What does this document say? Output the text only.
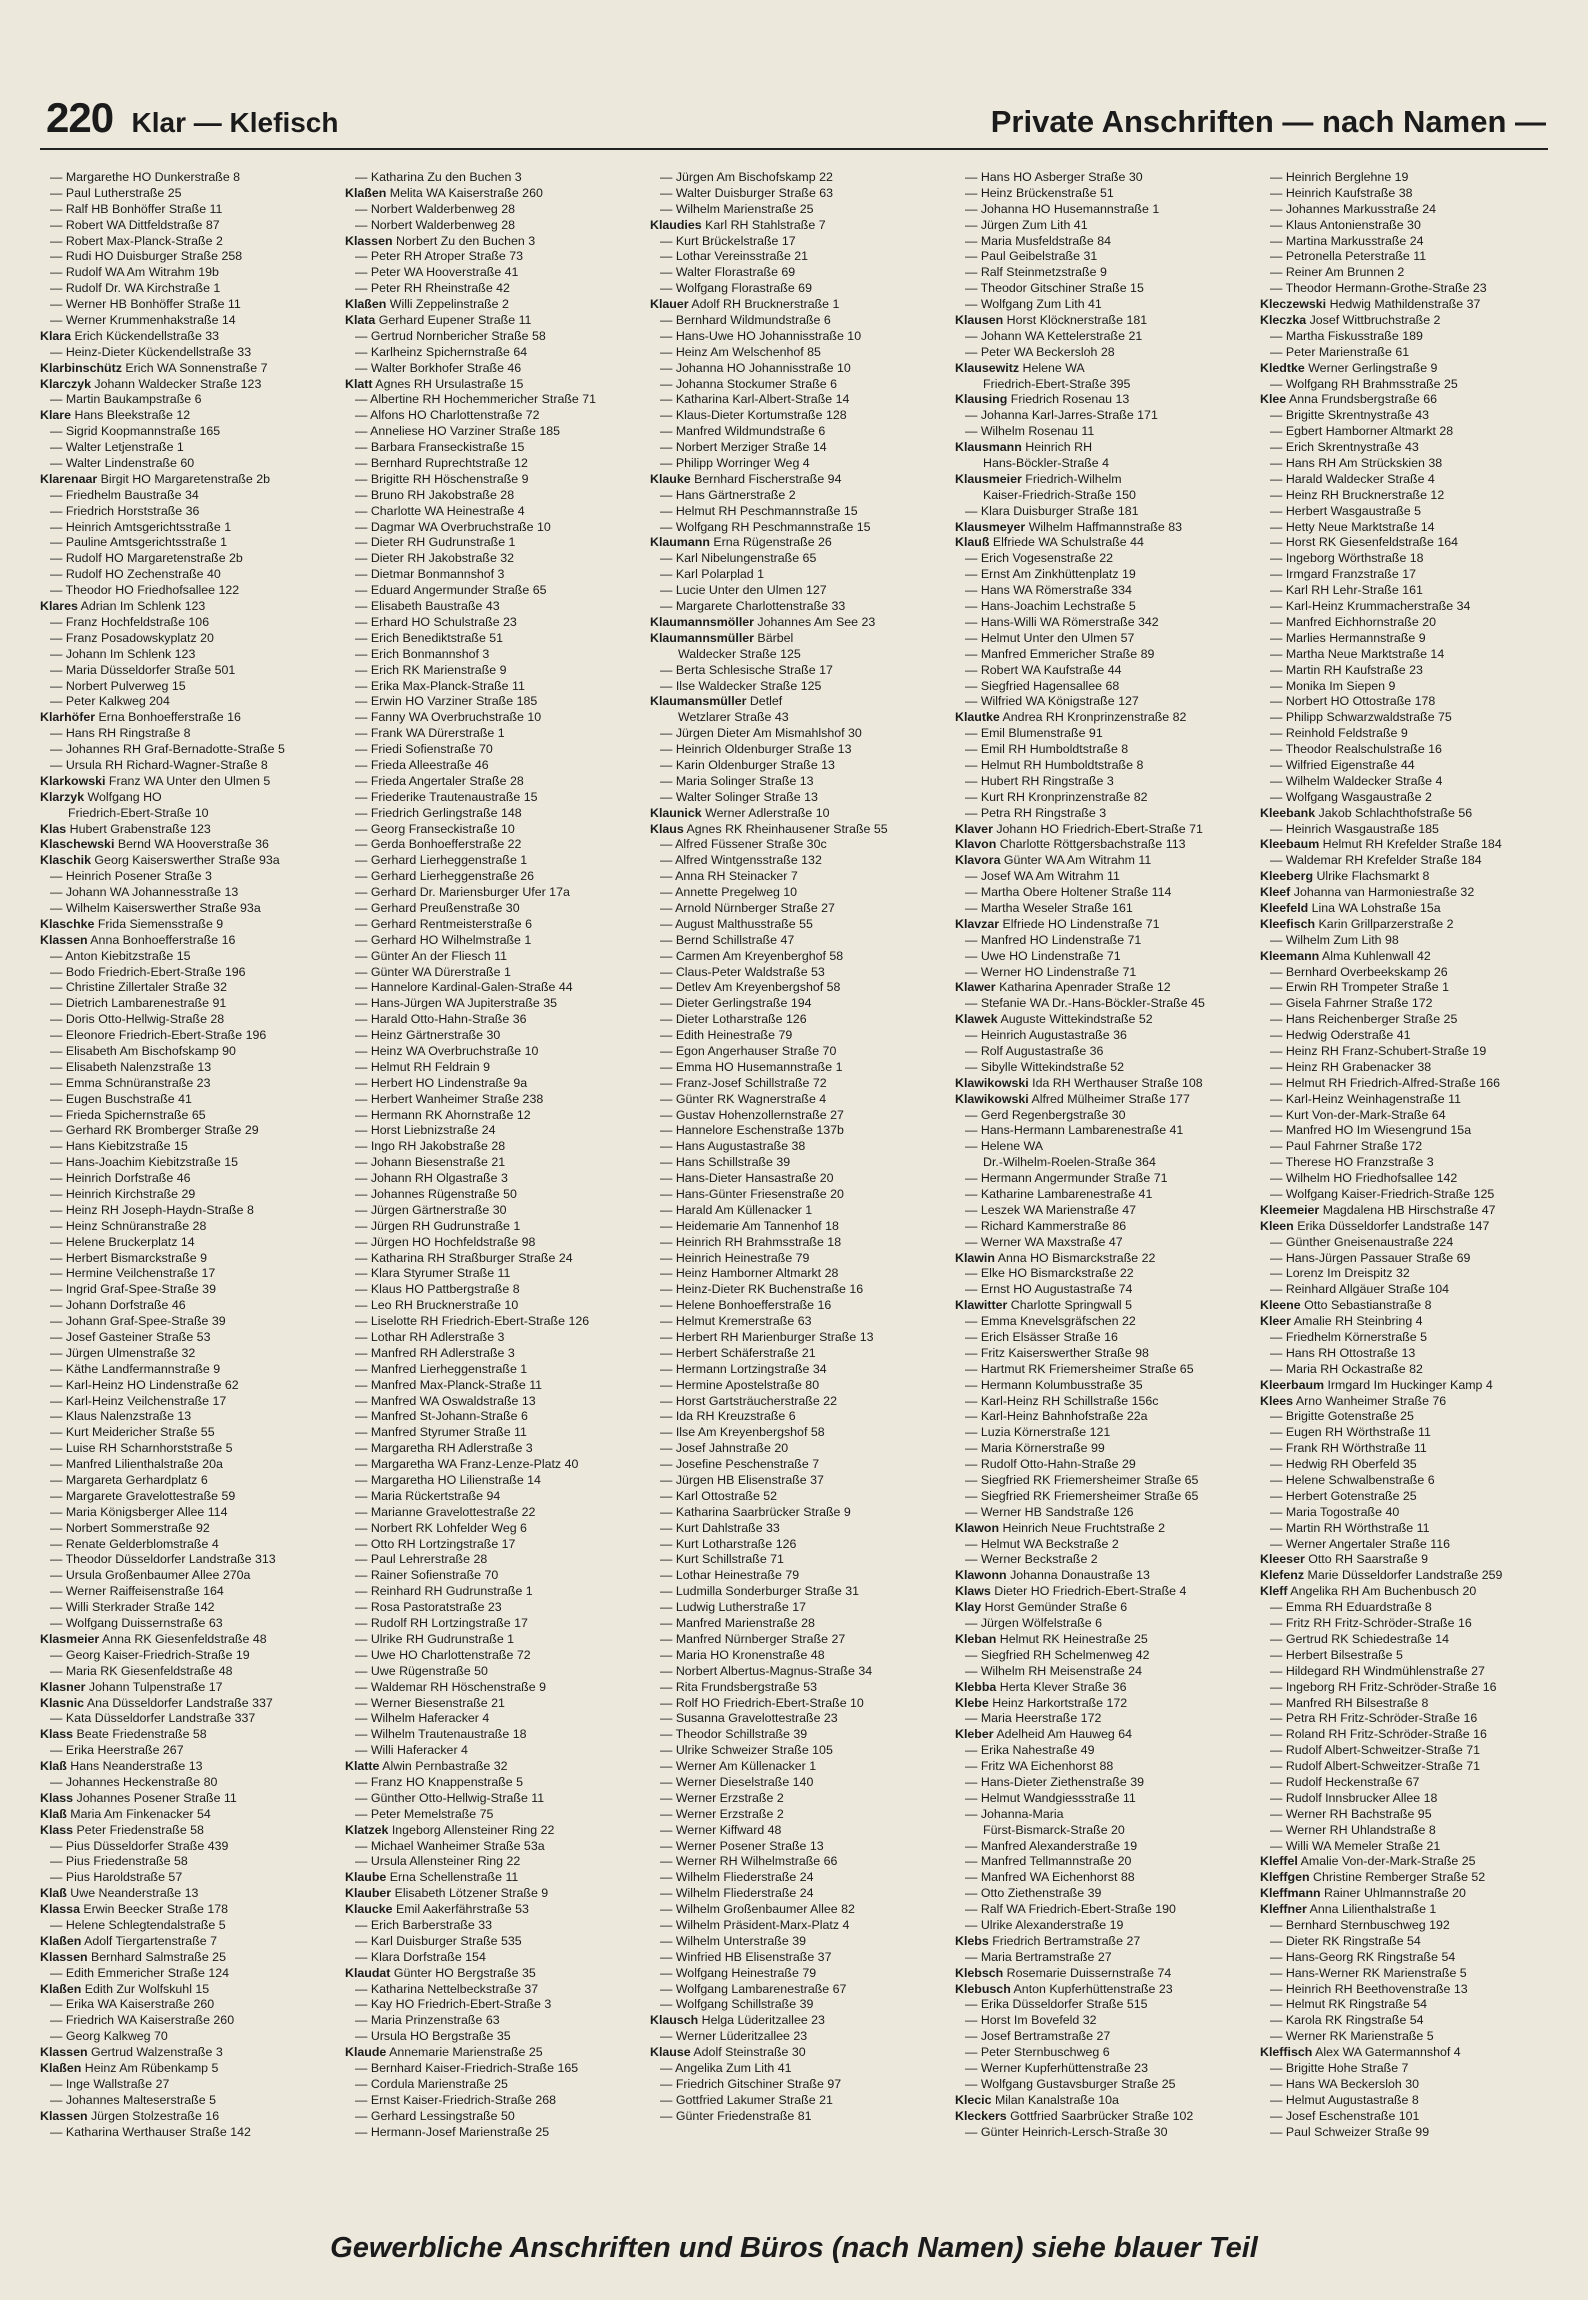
220 Klar — Klefisch	Private Anschriften — nach Namen —
— Margarethe HO Dunkerstraße 8
— Paul Lutherstraße 25
— Ralf HB Bonhöffer Straße 11
— Robert WA Dittfeldstraße 87
— Robert Max-Planck-Straße 2
— Rudi HO Duisburger Straße 258
— Rudolf WA Am Witrahm 19b
— Rudolf Dr. WA Kirchstraße 1
— Werner HB Bonhöffer Straße 11
— Werner Krummenhakstraße 14
Klara Erich Kückendellstraße 33
— Heinz-Dieter Kückendellstraße 33
Klarbinschütz Erich WA Sonnenstraße 7
Klarczyk Johann Waldecker Straße 123
— Martin Baukampstraße 6
Klare Hans Bleekstraße 12
— Sigrid Koopmannstraße 165
— Walter Letjenstraße 1
— Walter Lindenstraße 60
Klarenaar Birgit HO Margaretenstraße 2b
— Friedhelm Baustraße 34
— Friedrich Horststraße 36
— Heinrich Amtsgerichtsstraße 1
— Pauline Amtsgerichtsstraße 1
— Rudolf HO Margaretenstraße 2b
— Rudolf HO Zechenstraße 40
— Theodor HO Friedhofsallee 122
Klares Adrian Im Schlenk 123
— Franz Hochfeldstraße 106
— Franz Posadowskyplatz 20
— Johann Im Schlenk 123
— Maria Düsseldorfer Straße 501
— Norbert Pulverweg 15
— Peter Kalkweg 204
Klarhöfer Erna Bonhoefferstraße 16
— Hans RH Ringstraße 8
— Johannes RH Graf-Bernadotte-Straße 5
— Ursula RH Richard-Wagner-Straße 8
Klarkowski Franz WA Unter den Ulmen 5
Klarzyk Wolfgang HO
Friedrich-Ebert-Straße 10
Klas Hubert Grabenstraße 123
Klaschewski Bernd WA Hooverstraße 36
Klaschik Georg Kaiserswerther Straße 93a
— Heinrich Posener Straße 3
— Johann WA Johannesstraße 13
— Wilhelm Kaiserswerther Straße 93a
Klaschke Frida Siemensstraße 9
Klassen Anna Bonhoefferstraße 16
— Anton Kiebitzstraße 15
— Bodo Friedrich-Ebert-Straße 196
— Christine Zillertaler Straße 32
— Dietrich Lambarenestraße 91
— Doris Otto-Hellwig-Straße 28
— Eleonore Friedrich-Ebert-Straße 196
— Elisabeth Am Bischofskamp 90
— Elisabeth Nalenzstraße 13
— Emma Schnüranstraße 23
— Eugen Buschstraße 41
— Frieda Spichernstraße 65
— Gerhard RK Bromberger Straße 29
— Hans Kiebitzstraße 15
— Hans-Joachim Kiebitzstraße 15
— Heinrich Dorfstraße 46
— Heinrich Kirchstraße 29
— Heinz RH Joseph-Haydn-Straße 8
— Heinz Schnüranstraße 28
— Helene Bruckerplatz 14
— Herbert Bismarckstraße 9
— Hermine Veilchenstraße 17
— Ingrid Graf-Spee-Straße 39
— Johann Dorfstraße 46
— Johann Graf-Spee-Straße 39
— Josef Gasteiner Straße 53
— Jürgen Ulmenstraße 32
— Käthe Landfermannstraße 9
— Karl-Heinz HO Lindenstraße 62
— Karl-Heinz Veilchenstraße 17
— Klaus Nalenzstraße 13
— Kurt Meidericher Straße 55
— Luise RH Scharnhorststraße 5
— Manfred Lilienthalstraße 20a
— Margareta Gerhardplatz 6
— Margarete Gravelottestraße 59
— Maria Königsberger Allee 114
— Norbert Sommerstraße 92
— Renate Gelderblomstraße 4
— Theodor Düsseldorfer Landstraße 313
— Ursula Großenbaumer Allee 270a
— Werner Raiffeisenstraße 164
— Willi Sterkrader Straße 142
— Wolfgang Duissernstraße 63
Klasmeier Anna RK Giesenfeldstraße 48
— Georg Kaiser-Friedrich-Straße 19
— Maria RK Giesenfeldstraße 48
Klasner Johann Tulpenstraße 17
Klasnic Ana Düsseldorfer Landstraße 337
— Kata Düsseldorfer Landstraße 337
Klass Beate Friedenstraße 58
— Erika Heerstraße 267
Klaß Hans Neanderstraße 13
— Johannes Heckenstraße 80
Klass Johannes Posener Straße 11
Klaß Maria Am Finkenacker 54
Klass Peter Friedenstraße 58
— Pius Düsseldorfer Straße 439
— Pius Friedenstraße 58
— Pius Haroldstraße 57
Klaß Uwe Neanderstraße 13
Klassa Erwin Beecker Straße 178
— Helene Schlegtendalstraße 5
Klaßen Adolf Tiergartenstraße 7
Klassen Bernhard Salmstraße 25
— Edith Emmericher Straße 124
Klaßen Edith Zur Wolfskuhl 15
— Erika WA Kaiserstraße 260
— Friedrich WA Kaiserstraße 260
— Georg Kalkweg 70
Klassen Gertrud Walzenstraße 3
Klaßen Heinz Am Rübenkamp 5
— Inge Wallstraße 27
— Johannes Malteserstraße 5
Klassen Jürgen Stolzestraße 16
— Katharina Werthauser Straße 142
— Katharina Zu den Buchen 3
Klaßen Melita WA Kaiserstraße 260
— Norbert Walderbenweg 28
— Norbert Walderbenweg 28
Klassen Norbert Zu den Buchen 3
— Peter RH Atroper Straße 73
— Peter WA Hooverstraße 41
— Peter RH Rheinstraße 42
Klaßen Willi Zeppelinstraße 2
Klata Gerhard Eupener Straße 11
— Gertrud Nornbericher Straße 58
— Karlheinz Spichernstraße 64
— Walter Borkhofer Straße 46
Klatt Agnes RH Ursulastraße 15
— Albertine RH Hochemmericher Straße 71
— Alfons HO Charlottenstraße 72
— Anneliese HO Varziner Straße 185
— Barbara Franseckistraße 15
— Bernhard Ruprechtstraße 12
— Brigitte RH Höschenstraße 9
— Bruno RH Jakobstraße 28
— Charlotte WA Heinestraße 4
— Dagmar WA Overbruchstraße 10
— Dieter RH Gudrunstraße 1
— Dieter RH Jakobstraße 32
— Dietmar Bonmannshof 3
— Eduard Angermunder Straße 65
— Elisabeth Baustraße 43
— Erhard HO Schulstraße 23
— Erich Benediktstraße 51
— Erich Bonmannshof 3
— Erich RK Marienstraße 9
— Erika Max-Planck-Straße 11
— Erwin HO Varziner Straße 185
— Fanny WA Overbruchstraße 10
— Frank WA Dürerstraße 1
— Friedi Sofienstraße 70
— Frieda Alleestraße 46
— Frieda Angertaler Straße 28
— Friederike Trautenaustraße 15
— Friedrich Gerlingstraße 148
— Georg Franseckistraße 10
— Gerda Bonhoefferstraße 22
— Gerhard Lierheggenstraße 1
— Gerhard Lierheggenstraße 26
— Gerhard Dr. Mariensburger Ufer 17a
— Gerhard Preußenstraße 30
— Gerhard Rentmeisterstraße 6
— Gerhard HO Wilhelmstraße 1
— Günter An der Fliesch 11
— Günter WA Dürerstraße 1
— Hannelore Kardinal-Galen-Straße 44
— Hans-Jürgen WA Jupiterstraße 35
— Harald Otto-Hahn-Straße 36
— Heinz Gärtnerstraße 30
— Heinz WA Overbruchstraße 10
— Helmut RH Feldrain 9
— Herbert HO Lindenstraße 9a
— Herbert Wanheimer Straße 238
— Hermann RK Ahornstraße 12
— Horst Liebnizstraße 24
— Ingo RH Jakobstraße 28
— Johann Biesenstraße 21
— Johann RH Olgastraße 3
— Johannes Rügenstraße 50
— Jürgen Gärtnerstraße 30
— Jürgen RH Gudrunstraße 1
— Jürgen HO Hochfeldstraße 98
— Katharina RH Straßburger Straße 24
— Klara Styrumer Straße 11
— Klaus HO Pattbergstraße 8
— Leo RH Brucknerstraße 10
— Liselotte RH Friedrich-Ebert-Straße 126
— Lothar RH Adlerstraße 3
— Manfred RH Adlerstraße 3
— Manfred Lierheggenstraße 1
— Manfred Max-Planck-Straße 11
— Manfred WA Oswaldstraße 13
— Manfred St-Johann-Straße 6
— Manfred Styrumer Straße 11
— Margaretha RH Adlerstraße 3
— Margaretha WA Franz-Lenze-Platz 40
— Margaretha HO Lilienstraße 14
— Maria Rückertstraße 94
— Marianne Gravelottestraße 22
— Norbert RK Lohfelder Weg 6
— Otto RH Lortzingstraße 17
— Paul Lehrerstraße 28
— Rainer Sofienstraße 70
— Reinhard RH Gudrunstraße 1
— Rosa Pastoratstraße 23
— Rudolf RH Lortzingstraße 17
— Ulrike RH Gudrunstraße 1
— Uwe HO Charlottenstraße 72
— Uwe Rügenstraße 50
— Waldemar RH Höschenstraße 9
— Werner Biesenstraße 21
— Wilhelm Haferacker 4
— Wilhelm Trautenaustraße 18
— Willi Haferacker 4
Klatte Alwin Pernbastraße 32
— Franz HO Knappenstraße 5
— Günther Otto-Hellwig-Straße 11
— Peter Memelstraße 75
Klatzek Ingeborg Allensteiner Ring 22
— Michael Wanheimer Straße 53a
— Ursula Allensteiner Ring 22
Klaube Erna Schellenstraße 11
Klauber Elisabeth Lötzener Straße 9
Klaucke Emil Aakerfährstraße 53
— Erich Barberstraße 33
— Karl Duisburger Straße 535
— Klara Dorfstraße 154
Klaudat Günter HO Bergstraße 35
— Katharina Nettelbeckstraße 37
— Kay HO Friedrich-Ebert-Straße 3
— Maria Prinzenstraße 63
— Ursula HO Bergstraße 35
Klaude Annemarie Marienstraße 25
— Bernhard Kaiser-Friedrich-Straße 165
— Cordula Marienstraße 25
— Ernst Kaiser-Friedrich-Straße 268
— Gerhard Lessingstraße 50
— Hermann-Josef Marienstraße 25
— Jürgen Am Bischofskamp 22
— Walter Duisburger Straße 63
— Wilhelm Marienstraße 25
Klaudies Karl RH Stahlstraße 7
— Kurt Brückelstraße 17
— Lothar Vereinsstraße 21
— Walter Florastraße 69
— Wolfgang Florastraße 69
Klauer Adolf RH Brucknerstraße 1
— Bernhard Wildmundstraße 6
— Hans-Uwe HO Johannisstraße 10
— Heinz Am Welschenhof 85
— Johanna HO Johannisstraße 10
— Johanna Stockumer Straße 6
— Katharina Karl-Albert-Straße 14
— Klaus-Dieter Kortumstraße 128
— Manfred Wildmundstraße 6
— Norbert Merziger Straße 14
— Philipp Worringer Weg 4
Klauke Bernhard Fischerstraße 94
— Hans Gärtnerstraße 2
— Helmut RH Peschmannstraße 15
— Wolfgang RH Peschmannstraße 15
Klaumann Erna Rügenstraße 26
— Karl Nibelungenstraße 65
— Karl Polarplad 1
— Lucie Unter den Ulmen 127
— Margarete Charlottenstraße 33
Klaumannsmöller Johannes Am See 23
Klaumannsmüller Bärbel
Waldecker Straße 125
— Berta Schlesische Straße 17
— Ilse Waldecker Straße 125
Klaumansmüller Detlef
Wetzlarer Straße 43
— Jürgen Dieter Am Mismahlshof 30
— Heinrich Oldenburger Straße 13
— Karin Oldenburger Straße 13
— Maria Solinger Straße 13
— Walter Solinger Straße 13
Klaunick Werner Adlerstraße 10
Klaus Agnes RK Rheinhausener Straße 55
— Alfred Füssener Straße 30c
— Alfred Wintgensstraße 132
— Anna RH Steinacker 7
— Annette Pregelweg 10
— Arnold Nürnberger Straße 27
— August Malthusstraße 55
— Bernd Schillstraße 47
— Carmen Am Kreyenberghof 58
— Claus-Peter Waldstraße 53
— Detlev Am Kreyenbergshof 58
— Dieter Gerlingstraße 194
— Dieter Lotharstraße 126
— Edith Heinestraße 79
— Egon Angerhauser Straße 70
— Emma HO Husemannstraße 1
— Franz-Josef Schillstraße 72
— Günter RK Wagnerstraße 4
— Gustav Hohenzollernstraße 27
— Hannelore Eschenstraße 137b
— Hans Augustastraße 38
— Hans Schillstraße 39
— Hans-Dieter Hansastraße 20
— Hans-Günter Friesenstraße 20
— Harald Am Küllenacker 1
— Heidemarie Am Tannenhof 18
— Heinrich RH Brahmsstraße 18
— Heinrich Heinestraße 79
— Heinz Hamborner Altmarkt 28
— Heinz-Dieter RK Buchenstraße 16
— Helene Bonhoefferstraße 16
— Helmut Kremerstraße 63
— Herbert RH Marienburger Straße 13
— Herbert Schäferstraße 21
— Hermann Lortzingstraße 34
— Hermine Apostelstraße 80
— Horst Gartsträucherstraße 22
— Ida RH Kreuzstraße 6
— Ilse Am Kreyenbergshof 58
— Josef Jahnstraße 20
— Josefine Peschenstraße 7
— Jürgen HB Elisenstraße 37
— Karl Ottostraße 52
— Katharina Saarbrücker Straße 9
— Kurt Dahlstraße 33
— Kurt Lotharstraße 126
— Kurt Schillstraße 71
— Lothar Heinestraße 79
— Ludmilla Sonderburger Straße 31
— Ludwig Lutherstraße 17
— Manfred Marienstraße 28
— Manfred Nürnberger Straße 27
— Maria HO Kronenstraße 48
— Norbert Albertus-Magnus-Straße 34
— Rita Frundsbergstraße 53
— Rolf HO Friedrich-Ebert-Straße 10
— Susanna Gravelottestraße 23
— Theodor Schillstraße 39
— Ulrike Schweizer Straße 105
— Werner Am Küllenacker 1
— Werner Dieselstraße 140
— Werner Erzstraße 2
— Werner Erzstraße 2
— Werner Kiffward 48
— Werner Posener Straße 13
— Werner RH Wilhelmstraße 66
— Wilhelm Fliederstraße 24
— Wilhelm Fliederstraße 24
— Wilhelm Großenbaumer Allee 82
— Wilhelm Präsident-Marx-Platz 4
— Wilhelm Unterstraße 39
— Winfried HB Elisenstraße 37
— Wolfgang Heinestraße 79
— Wolfgang Lambarenestraße 67
— Wolfgang Schillstraße 39
Klausch Helga Lüderitzallee 23
— Werner Lüderitzallee 23
Klause Adolf Steinstraße 30
— Angelika Zum Lith 41
— Friedrich Gitschiner Straße 97
— Gottfried Lakumer Straße 21
— Günter Friedenstraße 81
— Hans HO Asberger Straße 30
— Heinz Brückenstraße 51
— Johanna HO Husemannstraße 1
— Jürgen Zum Lith 41
— Maria Musfeldstraße 84
— Paul Geibelstraße 31
— Ralf Steinmetzstraße 9
— Theodor Gitschiner Straße 15
— Wolfgang Zum Lith 41
Klausen Horst Klöcknerstraße 181
— Johann WA Kettelerstraße 21
— Peter WA Beckersloh 28
Klausewitz Helene WA
Friedrich-Ebert-Straße 395
Klausing Friedrich Rosenau 13
— Johanna Karl-Jarres-Straße 171
— Wilhelm Rosenau 11
Klausmann Heinrich RH
Hans-Böckler-Straße 4
Klausmeier Friedrich-Wilhelm
Kaiser-Friedrich-Straße 150
— Klara Duisburger Straße 181
Klausmeyer Wilhelm Haffmannstraße 83
Klauß Elfriede WA Schulstraße 44
— Erich Vogesenstraße 22
— Ernst Am Zinkhüttenplatz 19
— Hans WA Römerstraße 334
— Hans-Joachim Lechstraße 5
— Hans-Willi WA Römerstraße 342
— Helmut Unter den Ulmen 57
— Manfred Emmericher Straße 89
— Robert WA Kaufstraße 44
— Siegfried Hagensallee 68
— Wilfried WA Königstraße 127
Klautke Andrea RH Kronprinzenstraße 82
— Emil Blumenstraße 91
— Emil RH Humboldtstraße 8
— Helmut RH Humboldtstraße 8
— Hubert RH Ringstraße 3
— Kurt RH Kronprinzenstraße 82
— Petra RH Ringstraße 3
Klaver Johann HO Friedrich-Ebert-Straße 71
Klavon Charlotte Röttgersbachstraße 113
Klavora Günter WA Am Witrahm 11
— Josef WA Am Witrahm 11
— Martha Obere Holtener Straße 114
— Martha Weseler Straße 161
Klavzar Elfriede HO Lindenstraße 71
— Manfred HO Lindenstraße 71
— Uwe HO Lindenstraße 71
— Werner HO Lindenstraße 71
Klawer Katharina Apenrader Straße 12
— Stefanie WA Dr.-Hans-Böckler-Straße 45
Klawek Auguste Wittekindstraße 52
— Heinrich Augustastraße 36
— Rolf Augustastraße 36
— Sibylle Wittekindstraße 52
Klawikowski Ida RH Werthauser Straße 108
Klawikowski Alfred Mülheimer Straße 177
— Gerd Regenbergstraße 30
— Hans-Hermann Lambarenestraße 41
— Helene WA
Dr.-Wilhelm-Roelen-Straße 364
— Hermann Angermunder Straße 71
— Katharine Lambarenestraße 41
— Leszek WA Marienstraße 47
— Richard Kammerstraße 86
— Werner WA Maxstraße 47
Klawin Anna HO Bismarckstraße 22
— Elke HO Bismarckstraße 22
— Ernst HO Augustastraße 74
Klawitter Charlotte Springwall 5
— Emma Knevelsgräfschen 22
— Erich Elsässer Straße 16
— Fritz Kaiserswerther Straße 98
— Hartmut RK Friemersheimer Straße 65
— Hermann Kolumbusstraße 35
— Karl-Heinz RH Schillstraße 156c
— Karl-Heinz Bahnhofstraße 22a
— Luzia Körnerstraße 121
— Maria Körnerstraße 99
— Rudolf Otto-Hahn-Straße 29
— Siegfried RK Friemersheimer Straße 65
— Siegfried RK Friemersheimer Straße 65
— Werner HB Sandstraße 126
Klawon Heinrich Neue Fruchtstraße 2
— Helmut WA Beckstraße 2
— Werner Beckstraße 2
Klawonn Johanna Donaustraße 13
Klaws Dieter HO Friedrich-Ebert-Straße 4
Klay Horst Gemünder Straße 6
— Jürgen Wölfelstraße 6
Kleban Helmut RK Heinestraße 25
— Siegfried RH Schelmenweg 42
— Wilhelm RH Meisenstraße 24
Klebba Herta Klever Straße 36
Klebe Heinz Harkortstraße 172
— Maria Heerstraße 172
Kleber Adelheid Am Hauweg 64
— Erika Nahestraße 49
— Fritz WA Eichenhorst 88
— Hans-Dieter Ziethenstraße 39
— Helmut Wandgiessstraße 11
— Johanna-Maria
Fürst-Bismarck-Straße 20
— Manfred Alexanderstraße 19
— Manfred Tellmannstraße 20
— Manfred WA Eichenhorst 88
— Otto Ziethenstraße 39
— Ralf WA Friedrich-Ebert-Straße 190
— Ulrike Alexanderstraße 19
Klebs Friedrich Bertramstraße 27
— Maria Bertramstraße 27
Klebsch Rosemarie Duissernstraße 74
Klebusch Anton Kupferhüttenstraße 23
— Erika Düsseldorfer Straße 515
— Horst Im Bovefeld 32
— Josef Bertramstraße 27
— Peter Sternbuschweg 6
— Werner Kupferhüttenstraße 23
— Wolfgang Gustavsburger Straße 25
Klecic Milan Kanalstraße 10a
Kleckers Gottfried Saarbrücker Straße 102
— Günter Heinrich-Lersch-Straße 30
— Heinrich Berglehne 19
— Heinrich Kaufstraße 38
— Johannes Markusstraße 24
— Klaus Antonienstraße 30
— Martina Markusstraße 24
— Petronella Peterstraße 11
— Reiner Am Brunnen 2
— Theodor Hermann-Grothe-Straße 23
Kleczewski Hedwig Mathildenstraße 37
Kleczka Josef Wittbruchstraße 2
— Martha Fiskusstraße 189
— Peter Marienstraße 61
Kledtke Werner Gerlingstraße 9
— Wolfgang RH Brahmsstraße 25
Klee Anna Frundsbergstraße 66
— Brigitte Skrentnystraße 43
— Egbert Hamborner Altmarkt 28
— Erich Skrentnystraße 43
— Hans RH Am Strückskien 38
— Harald Waldecker Straße 4
— Heinz RH Brucknerstraße 12
— Herbert Wasgaustraße 5
— Hetty Neue Marktstraße 14
— Horst RK Giesenfeldstraße 164
— Ingeborg Wörthstraße 18
— Irmgard Franzstraße 17
— Karl RH Lehr-Straße 161
— Karl-Heinz Krummacherstraße 34
— Manfred Eichhornstraße 20
— Marlies Hermannstraße 9
— Martha Neue Marktstraße 14
— Martin RH Kaufstraße 23
— Monika Im Siepen 9
— Norbert HO Ottostraße 178
— Philipp Schwarzwaldstraße 75
— Reinhold Feldstraße 9
— Theodor Realschulstraße 16
— Wilfried Eigenstraße 44
— Wilhelm Waldecker Straße 4
— Wolfgang Wasgaustraße 2
Kleebank Jakob Schlachthofstraße 56
— Heinrich Wasgaustraße 185
Kleebaum Helmut RH Krefelder Straße 184
— Waldemar RH Krefelder Straße 184
Kleeberg Ulrike Flachsmarkt 8
Kleef Johanna van Harmoniestraße 32
Kleefeld Lina WA Lohstraße 15a
Kleefisch Karin Grillparzerstraße 2
— Wilhelm Zum Lith 98
Kleemann Alma Kuhlenwall 42
— Bernhard Overbeekskamp 26
— Erwin RH Trompeter Straße 1
— Gisela Fahrner Straße 172
— Hans Reichenberger Straße 25
— Hedwig Oderstraße 41
— Heinz RH Franz-Schubert-Straße 19
— Heinz RH Grabenacker 38
— Helmut RH Friedrich-Alfred-Straße 166
— Karl-Heinz Weinhagenstraße 11
— Kurt Von-der-Mark-Straße 64
— Manfred HO Im Wiesengrund 15a
— Paul Fahrner Straße 172
— Therese HO Franzstraße 3
— Wilhelm HO Friedhofsallee 142
— Wolfgang Kaiser-Friedrich-Straße 125
Kleemeier Magdalena HB Hirschstraße 47
Kleen Erika Düsseldorfer Landstraße 147
— Günther Gneisenaustraße 224
— Hans-Jürgen Passauer Straße 69
— Lorenz Im Dreispitz 32
— Reinhard Allgäuer Straße 104
Kleene Otto Sebastianstraße 8
Kleer Amalie RH Steinbring 4
— Friedhelm Körnerstraße 5
— Hans RH Ottostraße 13
— Maria RH Ockastraße 82
Kleerbaum Irmgard Im Huckinger Kamp 4
Klees Arno Wanheimer Straße 76
— Brigitte Gotenstraße 25
— Eugen RH Wörthstraße 11
— Frank RH Wörthstraße 11
— Hedwig RH Oberfeld 35
— Helene Schwalbenstraße 6
— Herbert Gotenstraße 25
— Maria Togostraße 40
— Martin RH Wörthstraße 11
— Werner Angertaler Straße 116
Kleeser Otto RH Saarstraße 9
Klefenz Marie Düsseldorfer Landstraße 259
Kleff Angelika RH Am Buchenbusch 20
— Emma RH Eduardstraße 8
— Fritz RH Fritz-Schröder-Straße 16
— Gertrud RK Schiedestraße 14
— Herbert Bilsestraße 5
— Hildegard RH Windmühlenstraße 27
— Ingeborg RH Fritz-Schröder-Straße 16
— Manfred RH Bilsestraße 8
— Petra RH Fritz-Schröder-Straße 16
— Roland RH Fritz-Schröder-Straße 16
— Rudolf Albert-Schweitzer-Straße 71
— Rudolf Albert-Schweitzer-Straße 71
— Rudolf Heckenstraße 67
— Rudolf Innsbrucker Allee 18
— Werner RH Bachstraße 95
— Werner RH Uhlandstraße 8
— Willi WA Memeler Straße 21
Kleffel Amalie Von-der-Mark-Straße 25
Kleffgen Christine Remberger Straße 52
Kleffmann Rainer Uhlmannstraße 20
Kleffner Anna Lilienthalstraße 1
— Bernhard Sternbuschweg 192
— Dieter RK Ringstraße 54
— Hans-Georg RK Ringstraße 54
— Hans-Werner RK Marienstraße 5
— Heinrich RH Beethovenstraße 13
— Helmut RK Ringstraße 54
— Karola RK Ringstraße 54
— Werner RK Marienstraße 5
Kleffisch Alex WA Gatermannshof 4
— Brigitte Hohe Straße 7
— Hans WA Beckersloh 30
— Helmut Augustastraße 8
— Josef Eschenstraße 101
— Paul Schweizer Straße 99
Gewerbliche Anschriften und Büros (nach Namen) siehe blauer Teil
